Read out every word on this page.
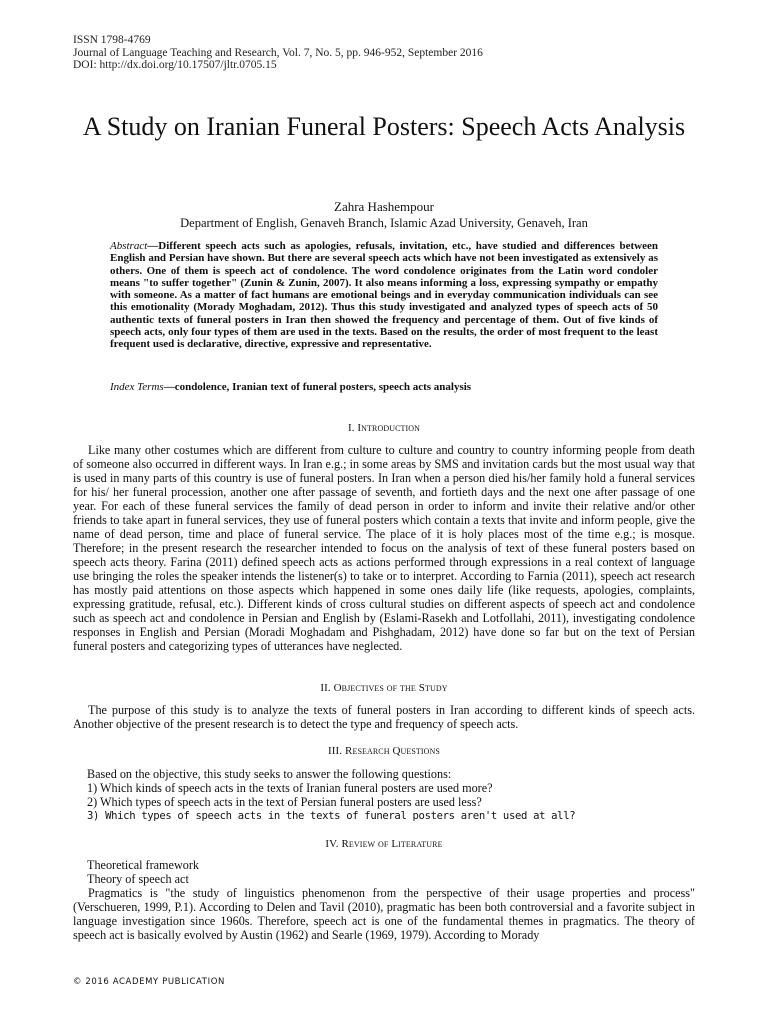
ISSN 1798-4769
Journal of Language Teaching and Research, Vol. 7, No. 5, pp. 946-952, September 2016
DOI: http://dx.doi.org/10.17507/jltr.0705.15
A Study on Iranian Funeral Posters: Speech Acts Analysis
Zahra Hashempour
Department of English, Genaveh Branch, Islamic Azad University, Genaveh, Iran
Abstract—Different speech acts such as apologies, refusals, invitation, etc., have studied and differences between English and Persian have shown. But there are several speech acts which have not been investigated as extensively as others. One of them is speech act of condolence. The word condolence originates from the Latin word condoler means "to suffer together" (Zunin & Zunin, 2007). It also means informing a loss, expressing sympathy or empathy with someone. As a matter of fact humans are emotional beings and in everyday communication individuals can see this emotionality (Morady Moghadam, 2012). Thus this study investigated and analyzed types of speech acts of 50 authentic texts of funeral posters in Iran then showed the frequency and percentage of them. Out of five kinds of speech acts, only four types of them are used in the texts. Based on the results, the order of most frequent to the least frequent used is declarative, directive, expressive and representative.
Index Terms—condolence, Iranian text of funeral posters, speech acts analysis
I. Introduction

Like many other costumes which are different from culture to culture and country to country informing people from death of someone also occurred in different ways. In Iran e.g.; in some areas by SMS and invitation cards but the most usual way that is used in many parts of this country is use of funeral posters. In Iran when a person died his/her family hold a funeral services for his/ her funeral procession, another one after passage of seventh, and fortieth days and the next one after passage of one year. For each of these funeral services the family of dead person in order to inform and invite their relative and/or other friends to take apart in funeral services, they use of funeral posters which contain a texts that invite and inform people, give the name of dead person, time and place of funeral service. The place of it is holy places most of the time e.g.; is mosque. Therefore; in the present research the researcher intended to focus on the analysis of text of these funeral posters based on speech acts theory. Farina (2011) defined speech acts as actions performed through expressions in a real context of language use bringing the roles the speaker intends the listener(s) to take or to interpret. According to Farnia (2011), speech act research has mostly paid attentions on those aspects which happened in some ones daily life (like requests, apologies, complaints, expressing gratitude, refusal, etc.). Different kinds of cross cultural studies on different aspects of speech act and condolence such as speech act and condolence in Persian and English by (Eslami-Rasekh and Lotfollahi, 2011), investigating condolence responses in English and Persian (Moradi Moghadam and Pishghadam, 2012) have done so far but on the text of Persian funeral posters and categorizing types of utterances have neglected.

II. Objectives of the Study

The purpose of this study is to analyze the texts of funeral posters in Iran according to different kinds of speech acts. Another objective of the present research is to detect the type and frequency of speech acts.

III. Research Questions
Based on the objective, this study seeks to answer the following questions:
1) Which kinds of speech acts in the texts of Iranian funeral posters are used more?
2) Which types of speech acts in the text of Persian funeral posters are used less?
3) Which types of speech acts in the texts of funeral posters aren't used at all?
IV. Review of Literature
Theoretical framework
Theory of speech act

Pragmatics is "the study of linguistics phenomenon from the perspective of their usage properties and process" (Verschueren, 1999, P.1). According to Delen and Tavil (2010), pragmatic has been both controversial and a favorite subject in language investigation since 1960s. Therefore, speech act is one of the fundamental themes in pragmatics. The theory of speech act is basically evolved by Austin (1962) and Searle (1969, 1979). According to Morady

© 2016 ACADEMY PUBLICATION
